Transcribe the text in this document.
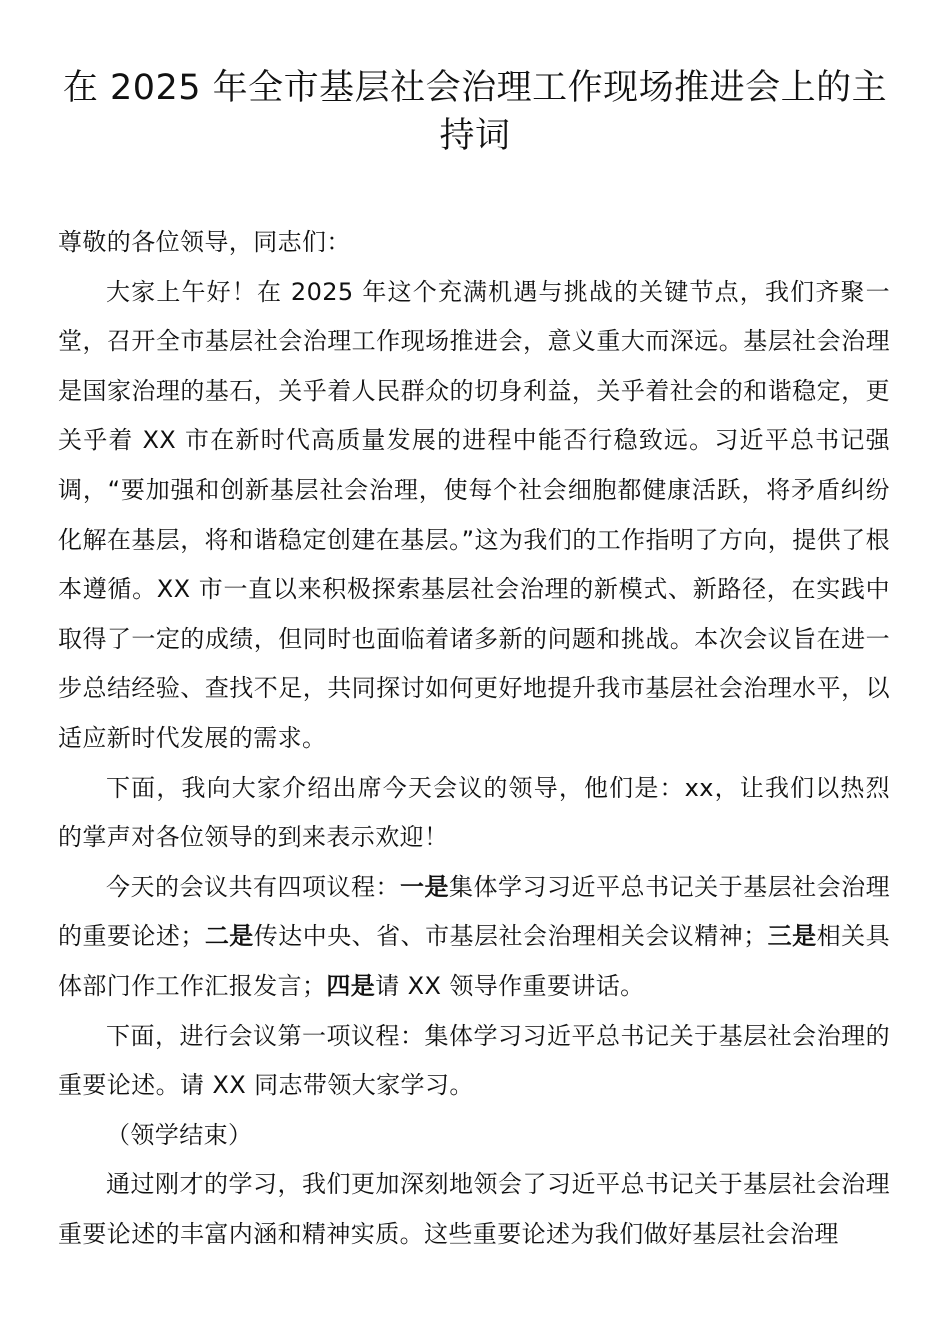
在 2025 年全市基层社会治理工作现场推进会上的主持词

尊敬的各位领导，同志们：

大家上午好！在 2025 年这个充满机遇与挑战的关键节点，我们齐聚一堂，召开全市基层社会治理工作现场推进会，意义重大而深远。基层社会治理是国家治理的基石，关乎着人民群众的切身利益，关乎着社会的和谐稳定，更关乎着 XX 市在新时代高质量发展的进程中能否行稳致远。习近平总书记强调，“要加强和创新基层社会治理，使每个社会细胞都健康活跃，将矛盾纠纷化解在基层，将和谐稳定创建在基层。”这为我们的工作指明了方向，提供了根本遵循。XX 市一直以来积极探索基层社会治理的新模式、新路径，在实践中取得了一定的成绩，但同时也面临着诸多新的问题和挑战。本次会议旨在进一步总结经验、查找不足，共同探讨如何更好地提升我市基层社会治理水平，以适应新时代发展的需求。

下面，我向大家介绍出席今天会议的领导，他们是：xx，让我们以热烈的掌声对各位领导的到来表示欢迎！

今天的会议共有四项议程：一是集体学习习近平总书记关于基层社会治理的重要论述；二是传达中央、省、市基层社会治理相关会议精神；三是相关具体部门作工作汇报发言；四是请 XX 领导作重要讲话。

下面，进行会议第一项议程：集体学习习近平总书记关于基层社会治理的重要论述。请 XX 同志带领大家学习。

（领学结束）

通过刚才的学习，我们更加深刻地领会了习近平总书记关于基层社会治理重要论述的丰富内涵和精神实质。这些重要论述为我们做好基层社会治理
